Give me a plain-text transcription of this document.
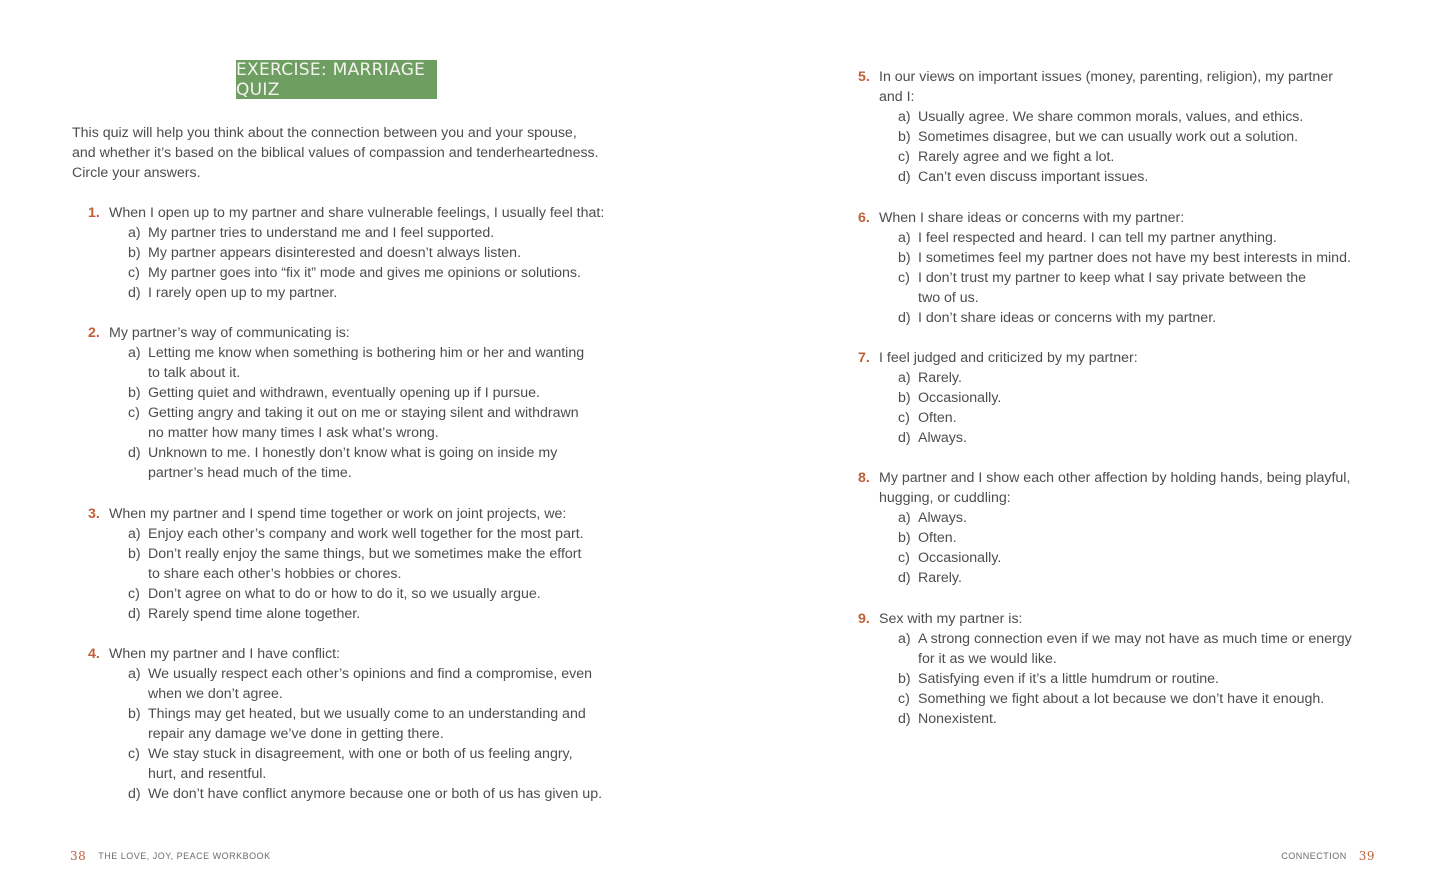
EXERCISE: MARRIAGE QUIZ
This quiz will help you think about the connection between you and your spouse,
and whether it’s based on the biblical values of compassion and tenderheartedness.
Circle your answers.
1. When I open up to my partner and share vulnerable feelings, I usually feel that:
a) My partner tries to understand me and I feel supported.
b) My partner appears disinterested and doesn’t always listen.
c) My partner goes into “fix it” mode and gives me opinions or solutions.
d) I rarely open up to my partner.
2. My partner’s way of communicating is:
a) Letting me know when something is bothering him or her and wanting
to talk about it.
b) Getting quiet and withdrawn, eventually opening up if I pursue.
c) Getting angry and taking it out on me or staying silent and withdrawn
no matter how many times I ask what’s wrong.
d) Unknown to me. I honestly don’t know what is going on inside my
partner’s head much of the time.
3. When my partner and I spend time together or work on joint projects, we:
a) Enjoy each other’s company and work well together for the most part.
b) Don’t really enjoy the same things, but we sometimes make the effort
to share each other’s hobbies or chores.
c) Don’t agree on what to do or how to do it, so we usually argue.
d) Rarely spend time alone together.
4. When my partner and I have conflict:
a) We usually respect each other’s opinions and find a compromise, even
when we don’t agree.
b) Things may get heated, but we usually come to an understanding and
repair any damage we’ve done in getting there.
c) We stay stuck in disagreement, with one or both of us feeling angry,
hurt, and resentful.
d) We don’t have conflict anymore because one or both of us has given up.
5. In our views on important issues (money, parenting, religion), my partner
and I:
a) Usually agree. We share common morals, values, and ethics.
b) Sometimes disagree, but we can usually work out a solution.
c) Rarely agree and we fight a lot.
d) Can’t even discuss important issues.
6. When I share ideas or concerns with my partner:
a) I feel respected and heard. I can tell my partner anything.
b) I sometimes feel my partner does not have my best interests in mind.
c) I don’t trust my partner to keep what I say private between the
two of us.
d) I don’t share ideas or concerns with my partner.
7. I feel judged and criticized by my partner:
a) Rarely.
b) Occasionally.
c) Often.
d) Always.
8. My partner and I show each other affection by holding hands, being playful,
hugging, or cuddling:
a) Always.
b) Often.
c) Occasionally.
d) Rarely.
9. Sex with my partner is:
a) A strong connection even if we may not have as much time or energy
for it as we would like.
b) Satisfying even if it’s a little humdrum or routine.
c) Something we fight about a lot because we don’t have it enough.
d) Nonexistent.
38 THE LOVE, JOY, PEACE WORKBOOK	CONNECTION 39
